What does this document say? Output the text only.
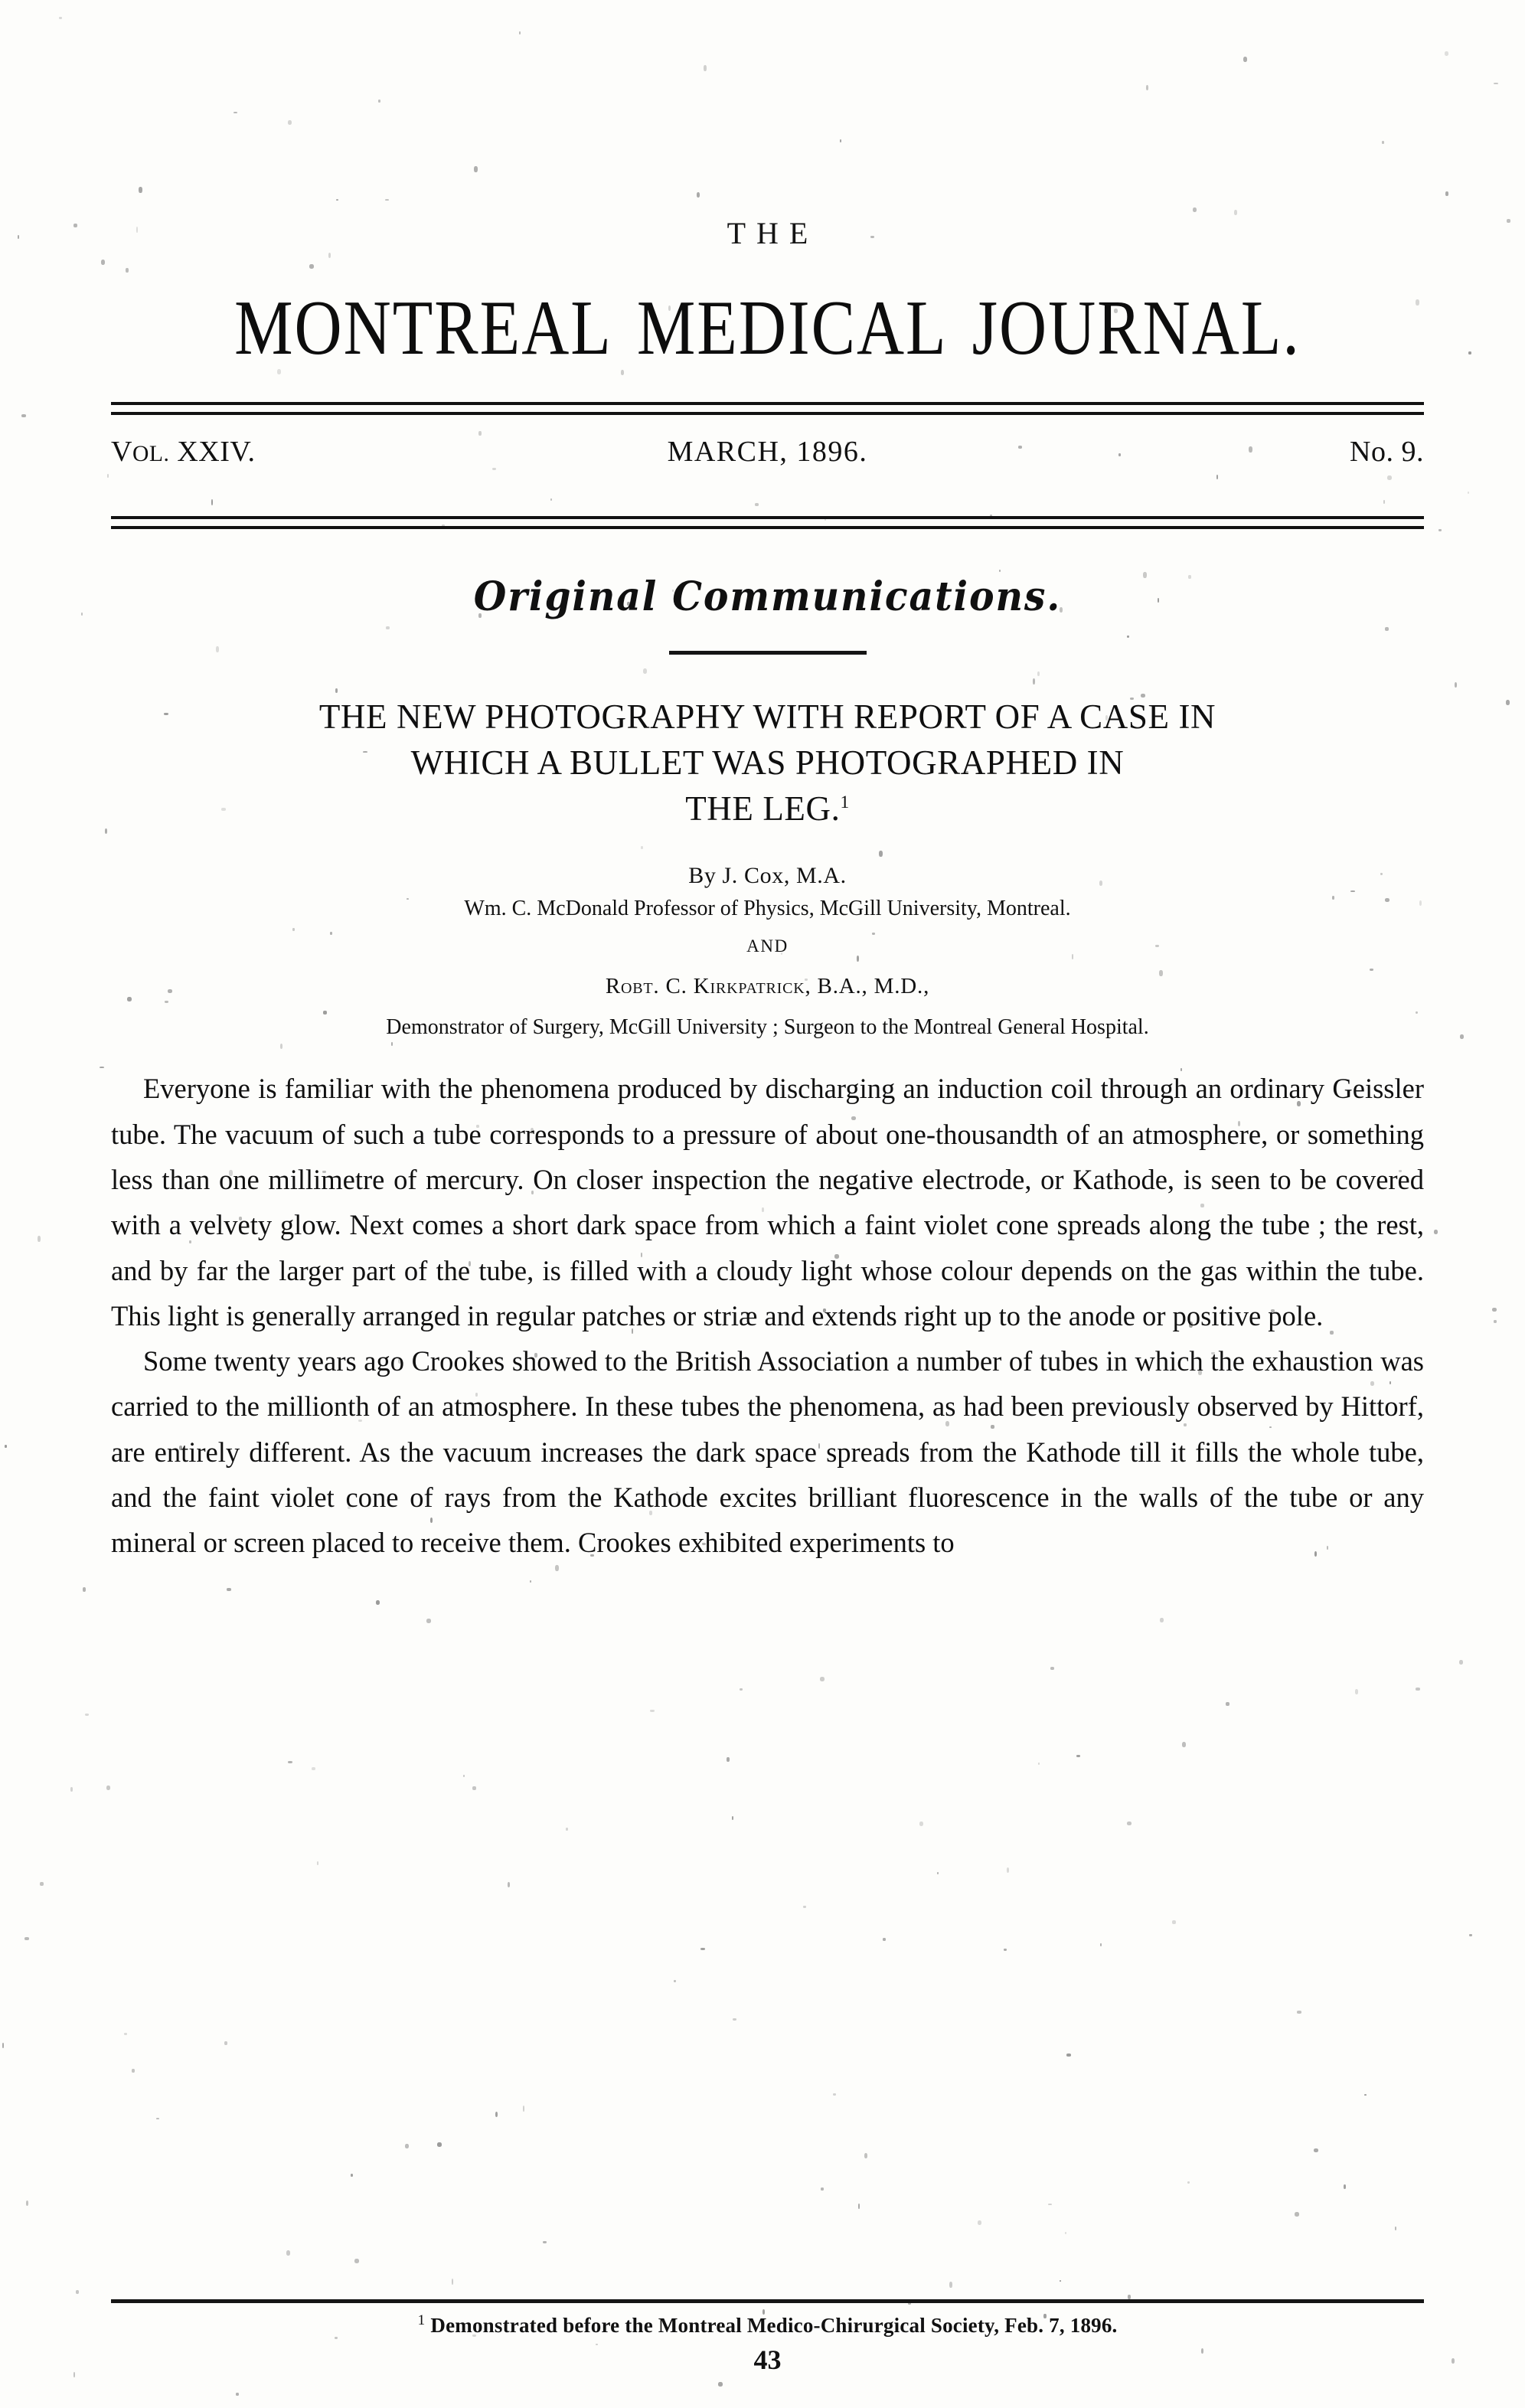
THE
MONTREAL MEDICAL JOURNAL.
VOL. XXIV.	MARCH, 1896.	No. 9.
Original Communications.
THE NEW PHOTOGRAPHY WITH REPORT OF A CASE IN
WHICH A BULLET WAS PHOTOGRAPHED IN
THE LEG.$^1$
By J. Cox, M.A.
Wm. C. McDonald Professor of Physics, McGill University, Montreal.
AND
Robt. C. Kirkpatrick, B.A., M.D.,
Demonstrator of Surgery, McGill University ; Surgeon to the Montreal General Hospital.

Everyone is familiar with the phenomena produced by discharging an induction coil through an ordinary Geissler tube. The vacuum of such a tube corresponds to a pressure of about one-thousandth of an atmosphere, or something less than one millimetre of mercury. On closer inspection the negative electrode, or Kathode, is seen to be covered with a velvety glow. Next comes a short dark space from which a faint violet cone spreads along the tube ; the rest, and by far the larger part of the tube, is filled with a cloudy light whose colour depends on the gas within the tube. This light is generally arranged in regular patches or striæ and extends right up to the anode or positive pole.

Some twenty years ago Crookes showed to the British Association a number of tubes in which the exhaustion was carried to the millionth of an atmosphere. In these tubes the phenomena, as had been previously observed by Hittorf, are entirely different. As the vacuum increases the dark space spreads from the Kathode till it fills the whole tube, and the faint violet cone of rays from the Kathode excites brilliant fluorescence in the walls of the tube or any mineral or screen placed to receive them. Crookes exhibited experiments to

$^1$ Demonstrated before the Montreal Medico-Chirurgical Society, Feb. 7, 1896.
43
